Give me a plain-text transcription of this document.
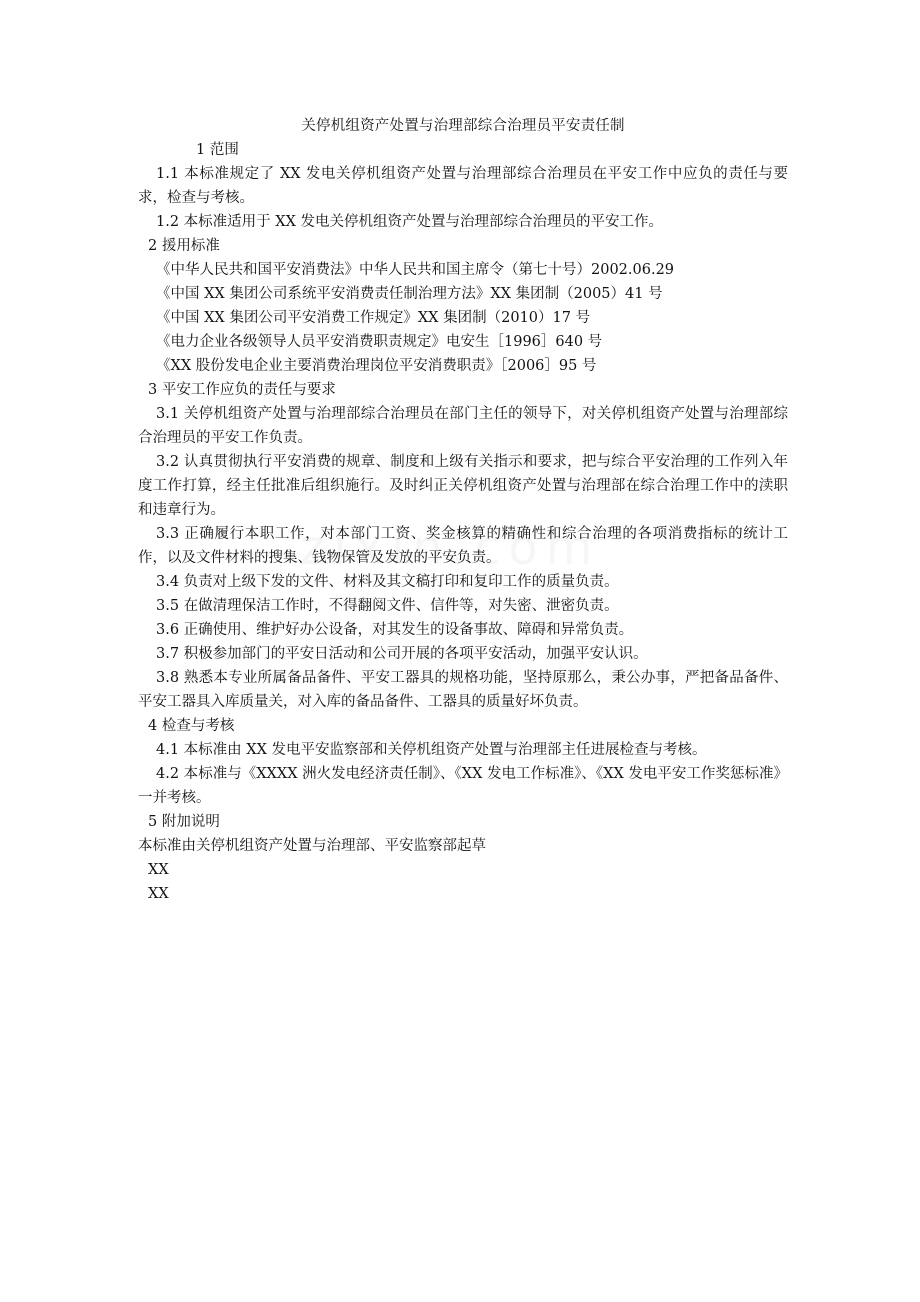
关停机组资产处置与治理部综合治理员平安责任制

1 范围

1.1 本标准规定了 XX 发电关停机组资产处置与治理部综合治理员在平安工作中应负的责任与要求，检查与考核。

1.2 本标准适用于 XX 发电关停机组资产处置与治理部综合治理员的平安工作。

2 援用标准

《中华人民共和国平安消费法》中华人民共和国主席令（第七十号）2002.06.29

《中国 XX 集团公司系统平安消费责任制治理方法》XX 集团制（2005）41 号

《中国 XX 集团公司平安消费工作规定》XX 集团制（2010）17 号

《电力企业各级领导人员平安消费职责规定》电安生［1996］640 号

《XX 股份发电企业主要消费治理岗位平安消费职责》［2006］95 号

3 平安工作应负的责任与要求

3.1 关停机组资产处置与治理部综合治理员在部门主任的领导下，对关停机组资产处置与治理部综合治理员的平安工作负责。

3.2 认真贯彻执行平安消费的规章、制度和上级有关指示和要求，把与综合平安治理的工作列入年度工作打算，经主任批准后组织施行。及时纠正关停机组资产处置与治理部在综合治理工作中的渎职和违章行为。

3.3 正确履行本职工作，对本部门工资、奖金核算的精确性和综合治理的各项消费指标的统计工作，以及文件材料的搜集、钱物保管及发放的平安负责。

3.4 负责对上级下发的文件、材料及其文稿打印和复印工作的质量负责。

3.5 在做清理保洁工作时，不得翻阅文件、信件等，对失密、泄密负责。

3.6 正确使用、维护好办公设备，对其发生的设备事故、障碍和异常负责。

3.7 积极参加部门的平安日活动和公司开展的各项平安活动，加强平安认识。

3.8 熟悉本专业所属备品备件、平安工器具的规格功能，坚持原那么，秉公办事，严把备品备件、平安工器具入库质量关，对入库的备品备件、工器具的质量好坏负责。

4 检查与考核

4.1 本标准由 XX 发电平安监察部和关停机组资产处置与治理部主任进展检查与考核。

4.2 本标准与《XXXX 洲火发电经济责任制》、《XX 发电工作标准》、《XX 发电平安工作奖惩标准》一并考核。

5 附加说明

本标准由关停机组资产处置与治理部、平安监察部起草

XX

XX
